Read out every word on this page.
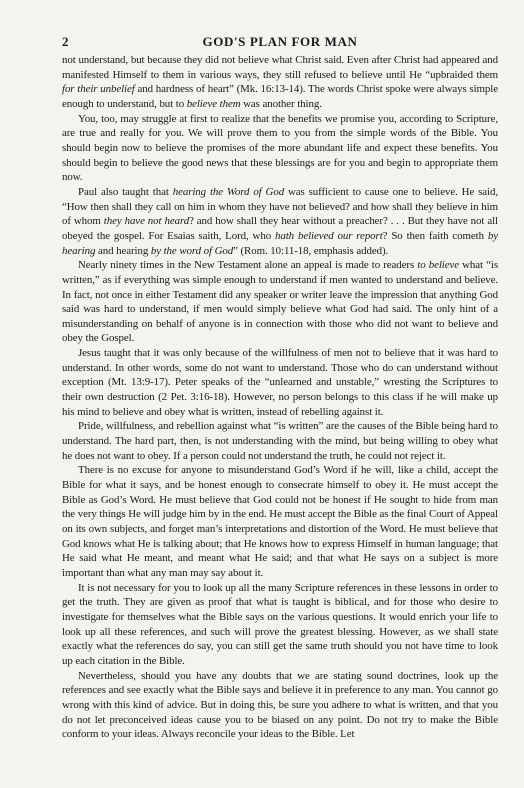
2	GOD'S PLAN FOR MAN

not understand, but because they did not believe what Christ said. Even after Christ had appeared and manifested Himself to them in various ways, they still refused to believe until He “upbraided them for their unbelief and hardness of heart” (Mk. 16:13-14). The words Christ spoke were always simple enough to understand, but to believe them was another thing.

You, too, may struggle at first to realize that the benefits we promise you, according to Scripture, are true and really for you. We will prove them to you from the simple words of the Bible. You should begin now to believe the promises of the more abundant life and expect these benefits. You should begin to believe the good news that these blessings are for you and begin to appropriate them now.

Paul also taught that hearing the Word of God was sufficient to cause one to believe. He said, “How then shall they call on him in whom they have not believed? and how shall they believe in him of whom they have not heard? and how shall they hear without a preacher? . . . But they have not all obeyed the gospel. For Esaias saith, Lord, who hath believed our report? So then faith cometh by hearing and hearing by the word of God” (Rom. 10:11-18, emphasis added).

Nearly ninety times in the New Testament alone an appeal is made to readers to believe what “is written,” as if everything was simple enough to understand if men wanted to understand and believe. In fact, not once in either Testament did any speaker or writer leave the impression that anything God said was hard to understand, if men would simply believe what God had said. The only hint of a misunderstanding on behalf of anyone is in connection with those who did not want to believe and obey the Gospel.

Jesus taught that it was only because of the willfulness of men not to believe that it was hard to understand. In other words, some do not want to understand. Those who do can understand without exception (Mt. 13:9-17). Peter speaks of the “unlearned and unstable,” wresting the Scriptures to their own destruction (2 Pet. 3:16-18). However, no person belongs to this class if he will make up his mind to believe and obey what is written, instead of rebelling against it.

Pride, willfulness, and rebellion against what “is written” are the causes of the Bible being hard to understand. The hard part, then, is not understanding with the mind, but being willing to obey what he does not want to obey. If a person could not understand the truth, he could not reject it.

There is no excuse for anyone to misunderstand God’s Word if he will, like a child, accept the Bible for what it says, and be honest enough to consecrate himself to obey it. He must accept the Bible as God’s Word. He must believe that God could not be honest if He sought to hide from man the very things He will judge him by in the end. He must accept the Bible as the final Court of Appeal on its own subjects, and forget man’s interpretations and distortion of the Word. He must believe that God knows what He is talking about; that He knows how to express Himself in human language; that He said what He meant, and meant what He said; and that what He says on a subject is more important than what any man may say about it.

It is not necessary for you to look up all the many Scripture references in these lessons in order to get the truth. They are given as proof that what is taught is biblical, and for those who desire to investigate for themselves what the Bible says on the various questions. It would enrich your life to look up all these references, and such will prove the greatest blessing. However, as we shall state exactly what the references do say, you can still get the same truth should you not have time to look up each citation in the Bible.

Nevertheless, should you have any doubts that we are stating sound doctrines, look up the references and see exactly what the Bible says and believe it in preference to any man. You cannot go wrong with this kind of advice. But in doing this, be sure you adhere to what is written, and that you do not let preconceived ideas cause you to be biased on any point. Do not try to make the Bible conform to your ideas. Always reconcile your ideas to the Bible. Let
